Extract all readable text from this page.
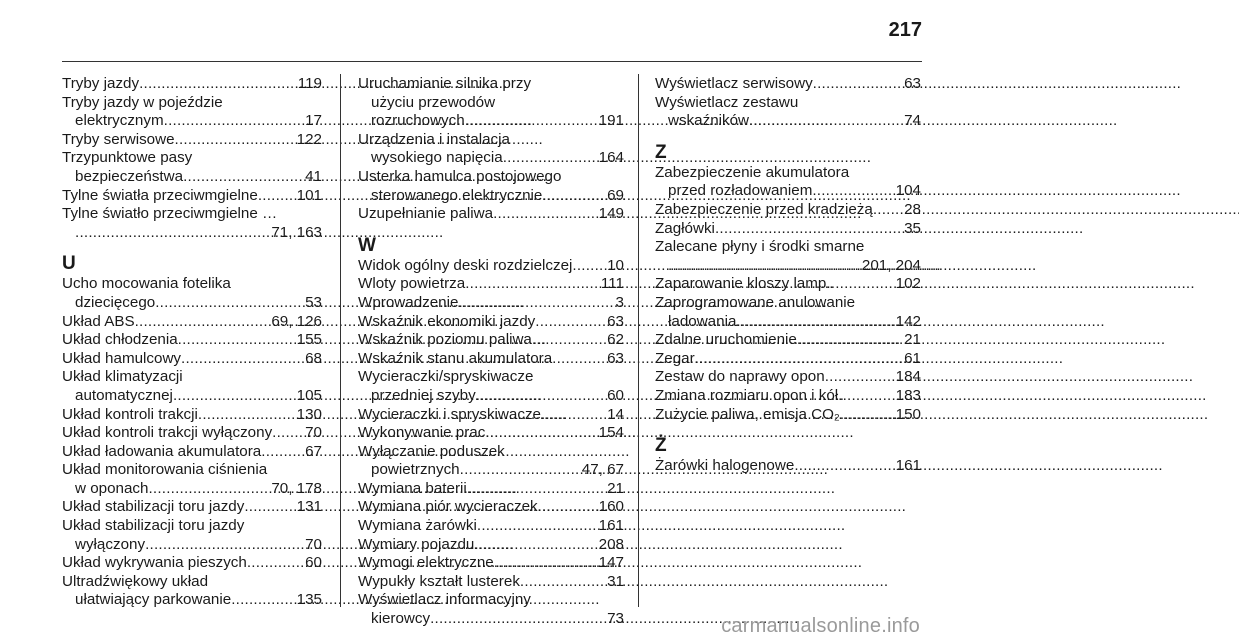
217
Tryby jazdy . . .	119
Tryby jazdy w pojeździe
elektrycznym . . .	17
Tryby serwisowe . . .	122
Trzypunktowe pasy
bezpieczeństwa . . .	41
Tylne światła przeciwmgielne . . .	101
Tylne światło przeciwmgielne …
. . .
71, 163
U
Ucho mocowania fotelika
dziecięcego . . .	53
Układ ABS . . .	69, 126
Układ chłodzenia . . .	155
Układ hamulcowy . . .	68
Układ klimatyzacji
automatycznej . . .	105
Układ kontroli trakcji . . .	130
Układ kontroli trakcji wyłączony . . . 70
Układ ładowania akumulatora . . .	67
Układ monitorowania ciśnienia
w oponach . . .	70, 178
Układ stabilizacji toru jazdy . . .	131
Układ stabilizacji toru jazdy
wyłączony . . .	70
Układ wykrywania pieszych . . .	60
Ultradźwiękowy układ
ułatwiający parkowanie . . .	135
Uruchamianie silnika przy
użyciu przewodów
rozruchowych . . .	191
Urządzenia i instalacja
wysokiego napięcia . . .	164
Usterka hamulca postojowego
sterowanego elektrycznie . . .	69
Uzupełnianie paliwa . . .	149
W
Widok ogólny deski rozdzielczej . . . 10
Wloty powietrza . . .	111
Wprowadzenie . . .	3
Wskaźnik ekonomiki jazdy . . .	63
Wskaźnik poziomu paliwa . . .	62
Wskaźnik stanu akumulatora . . .	63
Wycieraczki/spryskiwacze
przedniej szyby . . .	60
Wycieraczki i spryskiwacze . . .	14
Wykonywanie prac . . .	154
Wyłączanie poduszek
powietrznych . . .	47, 67
Wymiana baterii . . .	21
Wymiana piór wycieraczek . . .	160
Wymiana żarówki . . .	161
Wymiary pojazdu . . .	208
Wymogi elektryczne . . .	147
Wypukły kształt lusterek . . .	31
Wyświetlacz informacyjny
kierowcy . . .	73
Wyświetlacz serwisowy . . .	63
Wyświetlacz zestawu
wskaźników . . .	74
Z
Zabezpieczenie akumulatora
przed rozładowaniem . . .	104
Zabezpieczenie przed kradzieżą . . . 28
Zagłówki . . .	35
Zalecane płyny i środki smarne
. . .
201, 204
Zaparowanie kloszy lamp . . .	102
Zaprogramowane anulowanie
ładowania . . .	142
Zdalne uruchomienie . . .	21
Zegar . . .	61
Zestaw do naprawy opon . . .	184
Zmiana rozmiaru opon i kół . . .	183
Zużycie paliwa, emisja CO₂ . . .	150
Ż
Żarówki halogenowe . . .	161
carmanualsonline.info
